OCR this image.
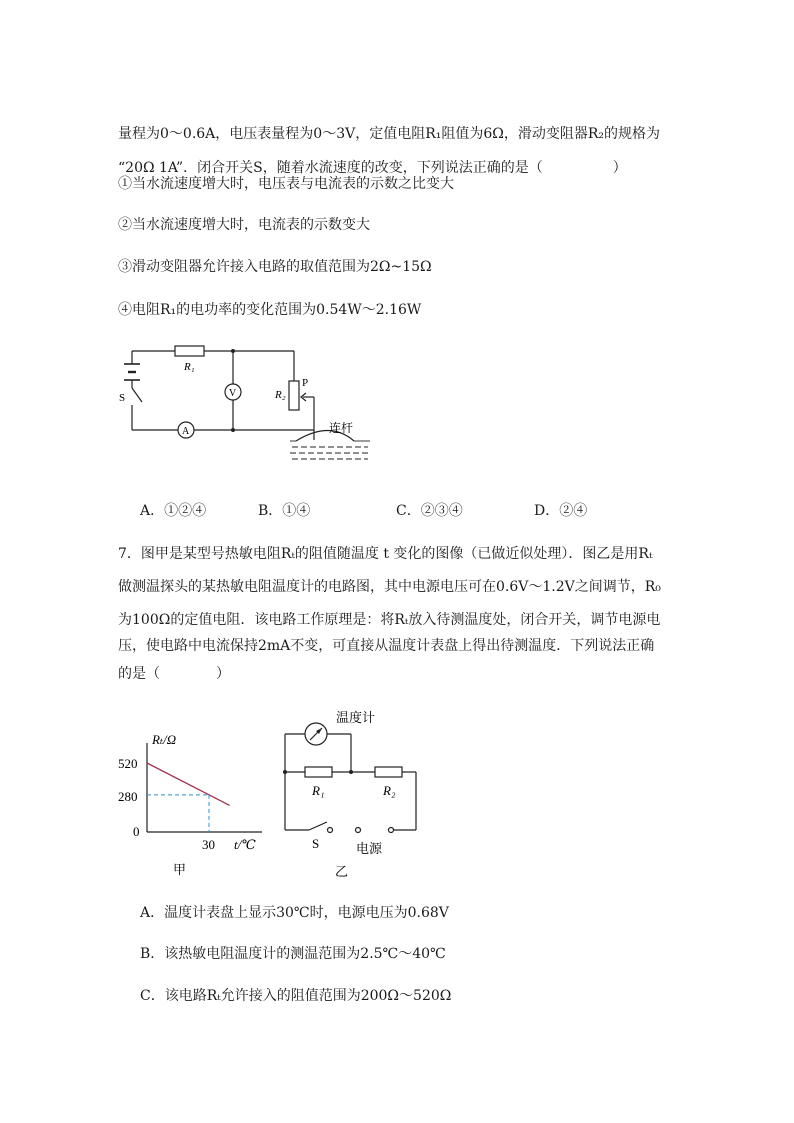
量程为0～0.6A，电压表量程为0～3V，定值电阻R₁阻值为6Ω，滑动变阻器R₂的规格为
“20Ω 1A”．闭合开关S，随着水流速度的改变，下列说法正确的是（　　　　　）
①当水流速度增大时，电压表与电流表的示数之比变大
②当水流速度增大时，电流表的示数变大
③滑动变阻器允许接入电路的取值范围为2Ω~15Ω
④电阻R₁的电功率的变化范围为0.54W～2.16W
R₁
V
A
R₂
P
S
连杆
A．①②④	B．①④	C．②③④	D．②④
7．图甲是某型号热敏电阻Rₜ的阻值随温度 t 变化的图像（已做近似处理）．图乙是用Rₜ
做测温探头的某热敏电阻温度计的电路图，其中电源电压可在0.6V～1.2V之间调节，R₀
为100Ω的定值电阻．该电路工作原理是：将Rₜ放入待测温度处，闭合开关，调节电源电
压，使电路中电流保持2mA不变，可直接从温度计表盘上得出待测温度．下列说法正确
的是（　　　　）
Rₜ/Ω
520
280
0
30 t/℃
甲
温度计
R₁	R₂
S	电源
乙
A．温度计表盘上显示30℃时，电源电压为0.68V
B．该热敏电阻温度计的测温范围为2.5℃～40℃
C．该电路Rₜ允许接入的阻值范围为200Ω～520Ω
